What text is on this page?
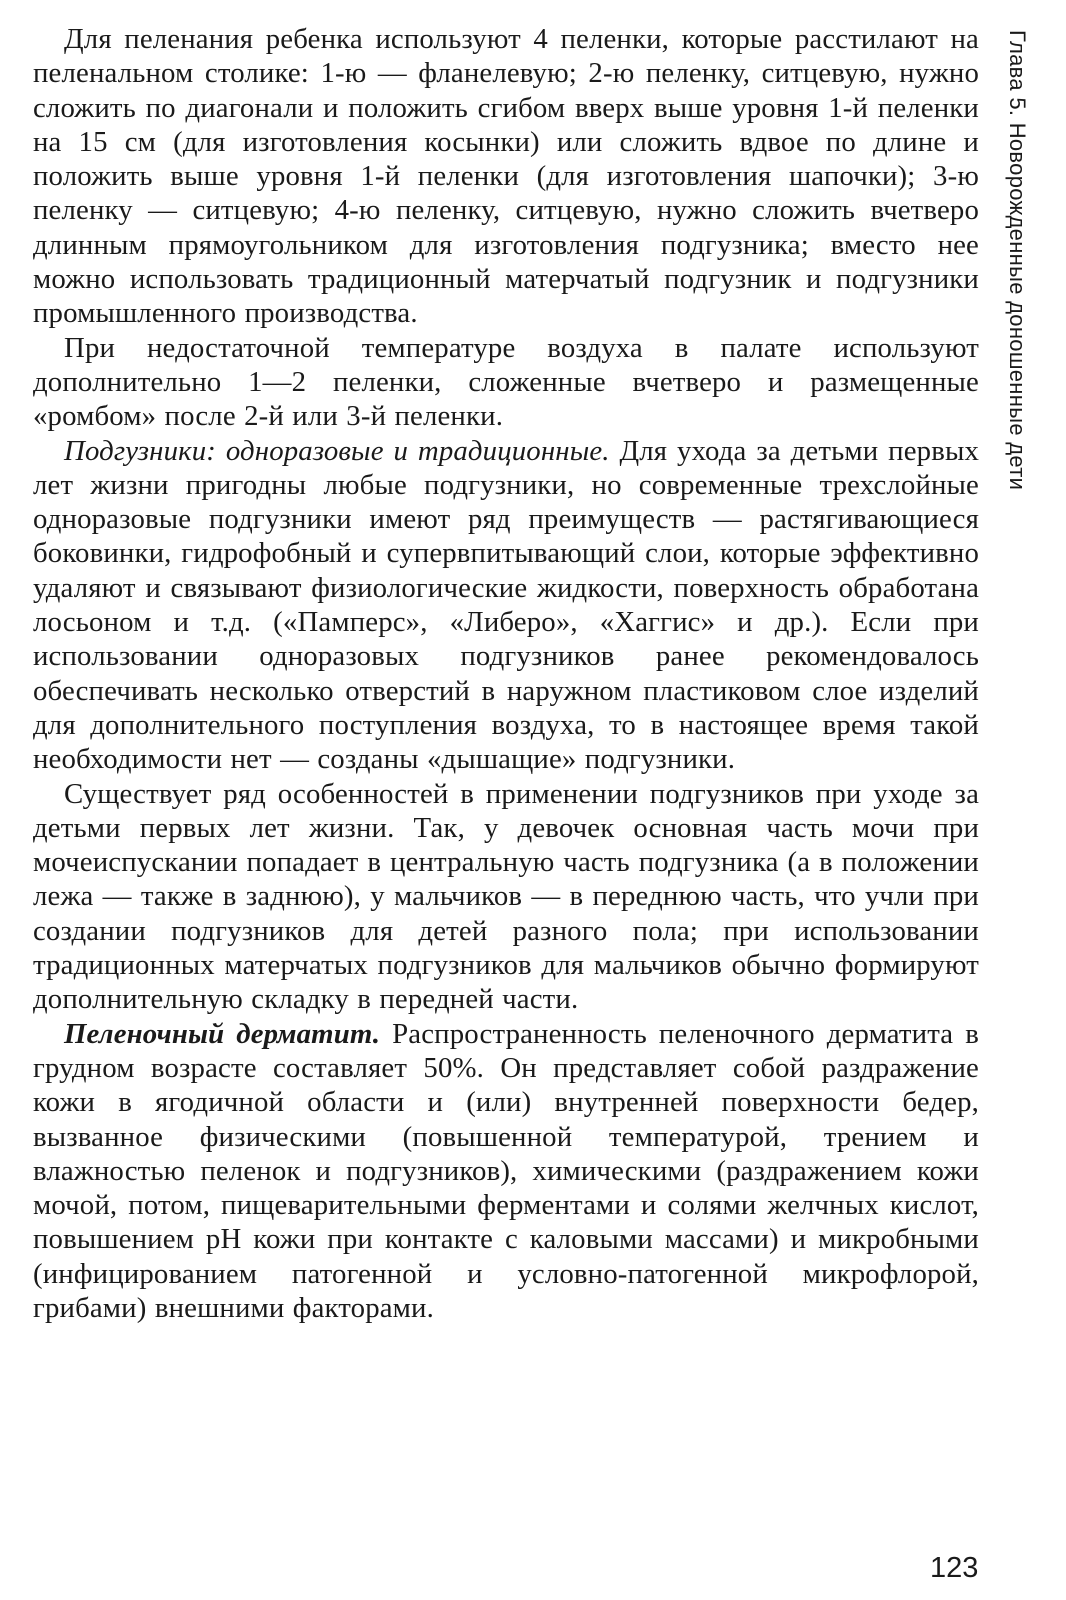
Глава 5. Новорожденные доношенные дети

Для пеленания ребенка используют 4 пеленки, которые расстилают на пеленальном столике: 1-ю — фланелевую; 2-ю пеленку, ситцевую, нужно сложить по диагонали и положить сгибом вверх выше уровня 1-й пеленки на 15 см (для изготовления косынки) или сложить вдвое по длине и положить выше уровня 1-й пеленки (для изготовления шапочки); 3-ю пеленку — ситцевую; 4-ю пеленку, ситцевую, нужно сложить вчетверо длинным прямоугольником для изготовления подгузника; вместо нее можно использовать традиционный матерчатый подгузник и подгузники промышленного производства.

При недостаточной температуре воздуха в палате используют дополнительно 1—2 пеленки, сложенные вчетверо и размещенные «ромбом» после 2-й или 3-й пеленки.

Подгузники: одноразовые и традиционные. Для ухода за детьми первых лет жизни пригодны любые подгузники, но современные трехслойные одноразовые подгузники имеют ряд преимуществ — растягивающиеся боковинки, гидрофобный и супервпитывающий слои, которые эффективно удаляют и связывают физиологические жидкости, поверхность обработана лосьоном и т.д. («Памперс», «Либеро», «Хаггис» и др.). Если при использовании одноразовых подгузников ранее рекомендовалось обеспечивать несколько отверстий в наружном пластиковом слое изделий для дополнительного поступления воздуха, то в настоящее время такой необходимости нет — созданы «дышащие» подгузники.

Существует ряд особенностей в применении подгузников при уходе за детьми первых лет жизни. Так, у девочек основная часть мочи при мочеиспускании попадает в центральную часть подгузника (а в положении лежа — также в заднюю), у мальчиков — в переднюю часть, что учли при создании подгузников для детей разного пола; при использовании традиционных матерчатых подгузников для мальчиков обычно формируют дополнительную складку в передней части.

Пеленочный дерматит. Распространенность пеленочного дерматита в грудном возрасте составляет 50%. Он представляет собой раздражение кожи в ягодичной области и (или) внутренней поверхности бедер, вызванное физическими (повышенной температурой, трением и влажностью пеленок и подгузников), химическими (раздражением кожи мочой, потом, пищеварительными ферментами и солями желчных кислот, повышением pH кожи при контакте с каловыми массами) и микробными (инфицированием патогенной и условно-патогенной микрофлорой, грибами) внешними факторами.

123
